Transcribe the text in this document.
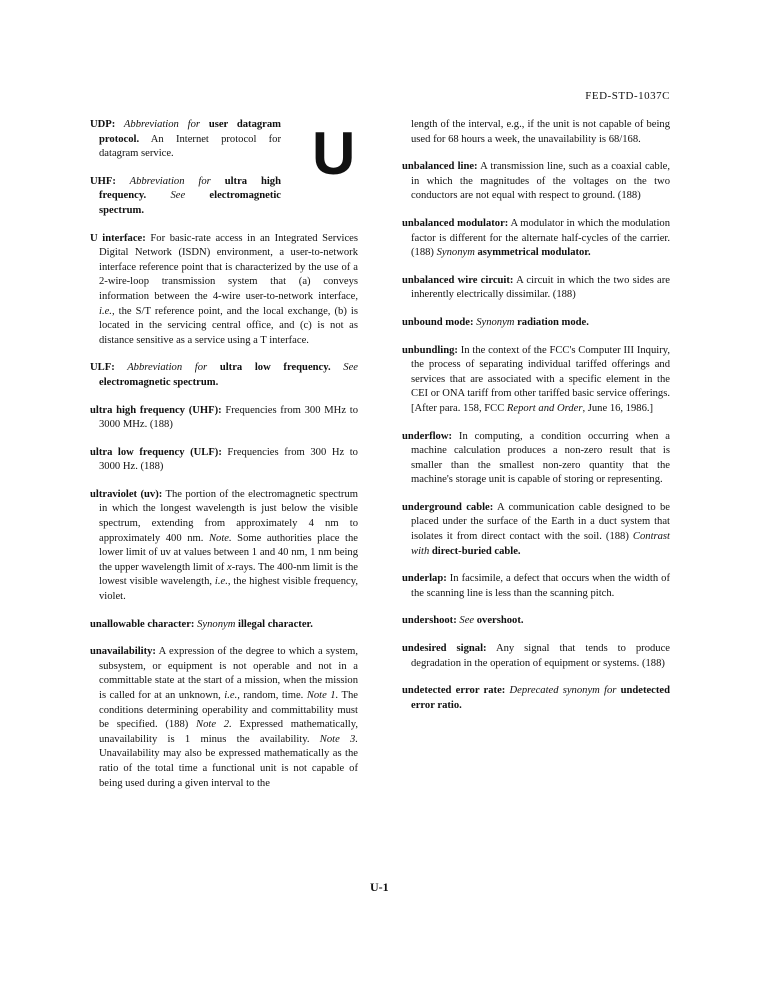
FED-STD-1037C
U

UDP: Abbreviation for user datagram protocol. An Internet protocol for datagram service.

UHF: Abbreviation for ultra high frequency. See electromagnetic spectrum.

U interface: For basic-rate access in an Integrated Services Digital Network (ISDN) environment, a user-to-network interface reference point that is characterized by the use of a 2-wire-loop transmission system that (a) conveys information between the 4-wire user-to-network interface, i.e., the S/T reference point, and the local exchange, (b) is located in the servicing central office, and (c) is not as distance sensitive as a service using a T interface.

ULF: Abbreviation for ultra low frequency. See electromagnetic spectrum.

ultra high frequency (UHF): Frequencies from 300 MHz to 3000 MHz. (188)

ultra low frequency (ULF): Frequencies from 300 Hz to 3000 Hz. (188)

ultraviolet (uv): The portion of the electromagnetic spectrum in which the longest wavelength is just below the visible spectrum, extending from approximately 4 nm to approximately 400 nm. Note. Some authorities place the lower limit of uv at values between 1 and 40 nm, 1 nm being the upper wavelength limit of x-rays. The 400-nm limit is the lowest visible wavelength, i.e., the highest visible frequency, violet.

unallowable character: Synonym illegal character.

unavailability: A expression of the degree to which a system, subsystem, or equipment is not operable and not in a committable state at the start of a mission, when the mission is called for at an unknown, i.e., random, time. Note 1. The conditions determining operability and committability must be specified. (188) Note 2. Expressed mathematically, unavailability is 1 minus the availability. Note 3. Unavailability may also be expressed mathematically as the ratio of the total time a functional unit is not capable of being used during a given interval to the

length of the interval, e.g., if the unit is not capable of being used for 68 hours a week, the unavailability is 68/168.

unbalanced line: A transmission line, such as a coaxial cable, in which the magnitudes of the voltages on the two conductors are not equal with respect to ground. (188)

unbalanced modulator: A modulator in which the modulation factor is different for the alternate half-cycles of the carrier. (188) Synonym asymmetrical modulator.

unbalanced wire circuit: A circuit in which the two sides are inherently electrically dissimilar. (188)

unbound mode: Synonym radiation mode.

unbundling: In the context of the FCC's Computer III Inquiry, the process of separating individual tariffed offerings and services that are associated with a specific element in the CEI or ONA tariff from other tariffed basic service offerings. [After para. 158, FCC Report and Order, June 16, 1986.]

underflow: In computing, a condition occurring when a machine calculation produces a non-zero result that is smaller than the smallest non-zero quantity that the machine's storage unit is capable of storing or representing.

underground cable: A communication cable designed to be placed under the surface of the Earth in a duct system that isolates it from direct contact with the soil. (188) Contrast with direct-buried cable.

underlap: In facsimile, a defect that occurs when the width of the scanning line is less than the scanning pitch.

undershoot: See overshoot.

undesired signal: Any signal that tends to produce degradation in the operation of equipment or systems. (188)

undetected error rate: Deprecated synonym for undetected error ratio.

U-1
